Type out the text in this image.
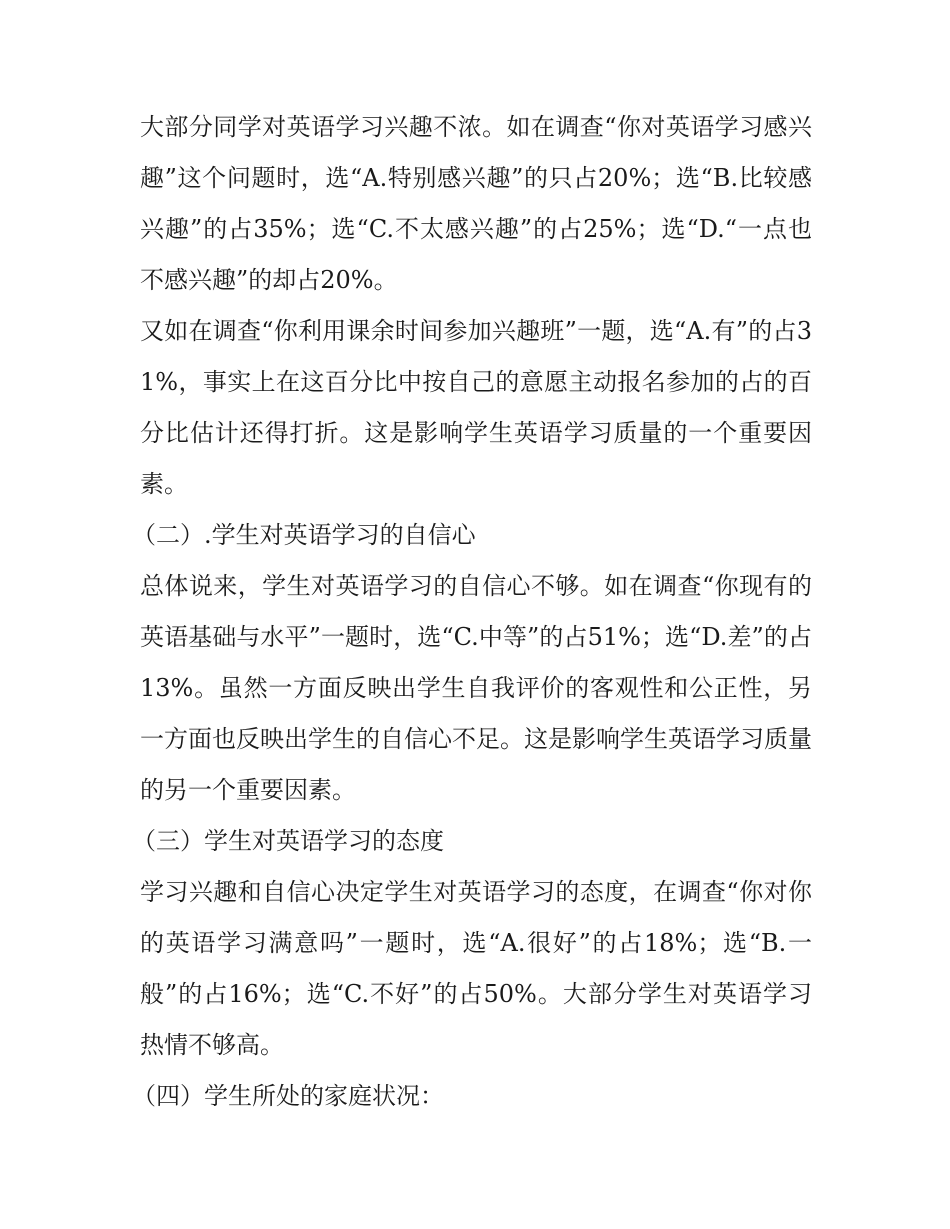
大部分同学对英语学习兴趣不浓。如在调查“你对英语学习感兴趣”这个问题时，选“A.特别感兴趣”的只占20%；选“B.比较感兴趣”的占35%；选“C.不太感兴趣”的占25%；选“D.“一点也不感兴趣”的却占20%。

又如在调查“你利用课余时间参加兴趣班”一题，选“A.有”的占31%，事实上在这百分比中按自己的意愿主动报名参加的占的百分比估计还得打折。这是影响学生英语学习质量的一个重要因素。

（二）.学生对英语学习的自信心

总体说来，学生对英语学习的自信心不够。如在调查“你现有的英语基础与水平”一题时，选“C.中等”的占51%；选“D.差”的占13%。虽然一方面反映出学生自我评价的客观性和公正性，另一方面也反映出学生的自信心不足。这是影响学生英语学习质量的另一个重要因素。

（三）学生对英语学习的态度

学习兴趣和自信心决定学生对英语学习的态度，在调查“你对你的英语学习满意吗”一题时，选“A.很好”的占18%；选“B.一般”的占16%；选“C.不好”的占50%。大部分学生对英语学习热情不够高。

（四）学生所处的家庭状况：
